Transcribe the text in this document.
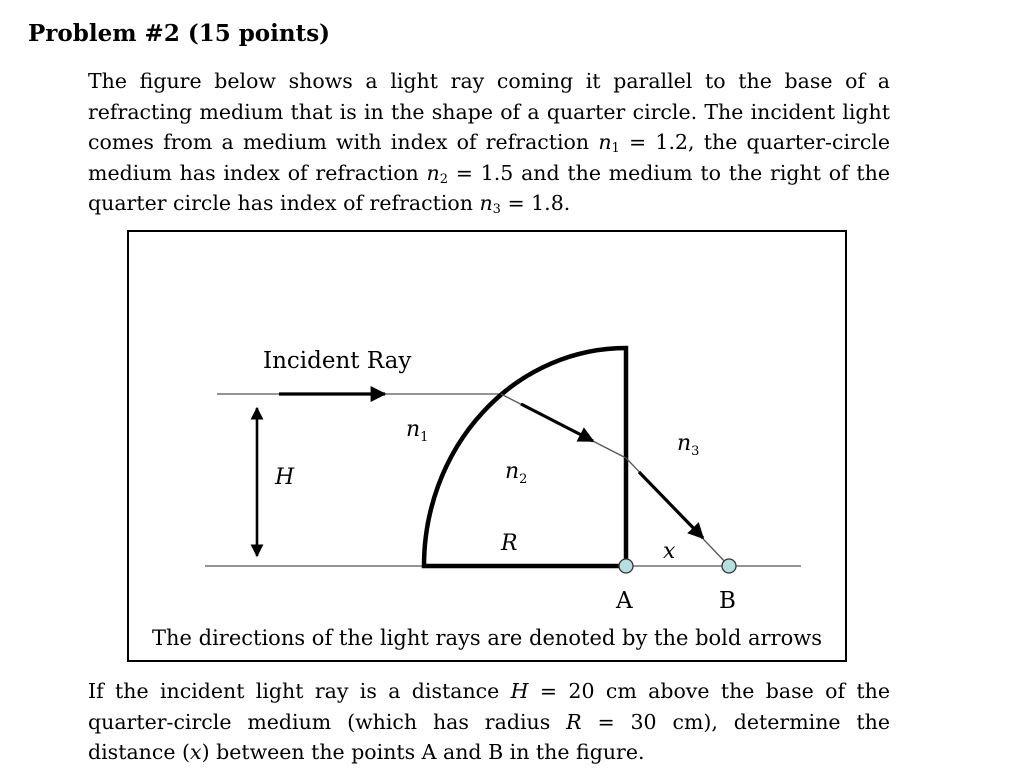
Problem #2 (15 points)
The figure below shows a light ray coming it parallel to the base of a refracting medium that is in the shape of a quarter circle. The incident light comes from a medium with index of refraction $n_1 = 1.2$, the quarter-circle medium has index of refraction $n_2 = 1.5$ and the medium to the right of the quarter circle has index of refraction $n_3 = 1.8$.
Incident Ray
H
$n_1$
$n_2$
$n_3$
R	x
A	B
The directions of the light rays are denoted by the bold arrows
If the incident light ray is a distance H = 20 cm above the base of the quarter-circle medium (which has radius R = 30 cm), determine the distance (x) between the points A and B in the figure.
